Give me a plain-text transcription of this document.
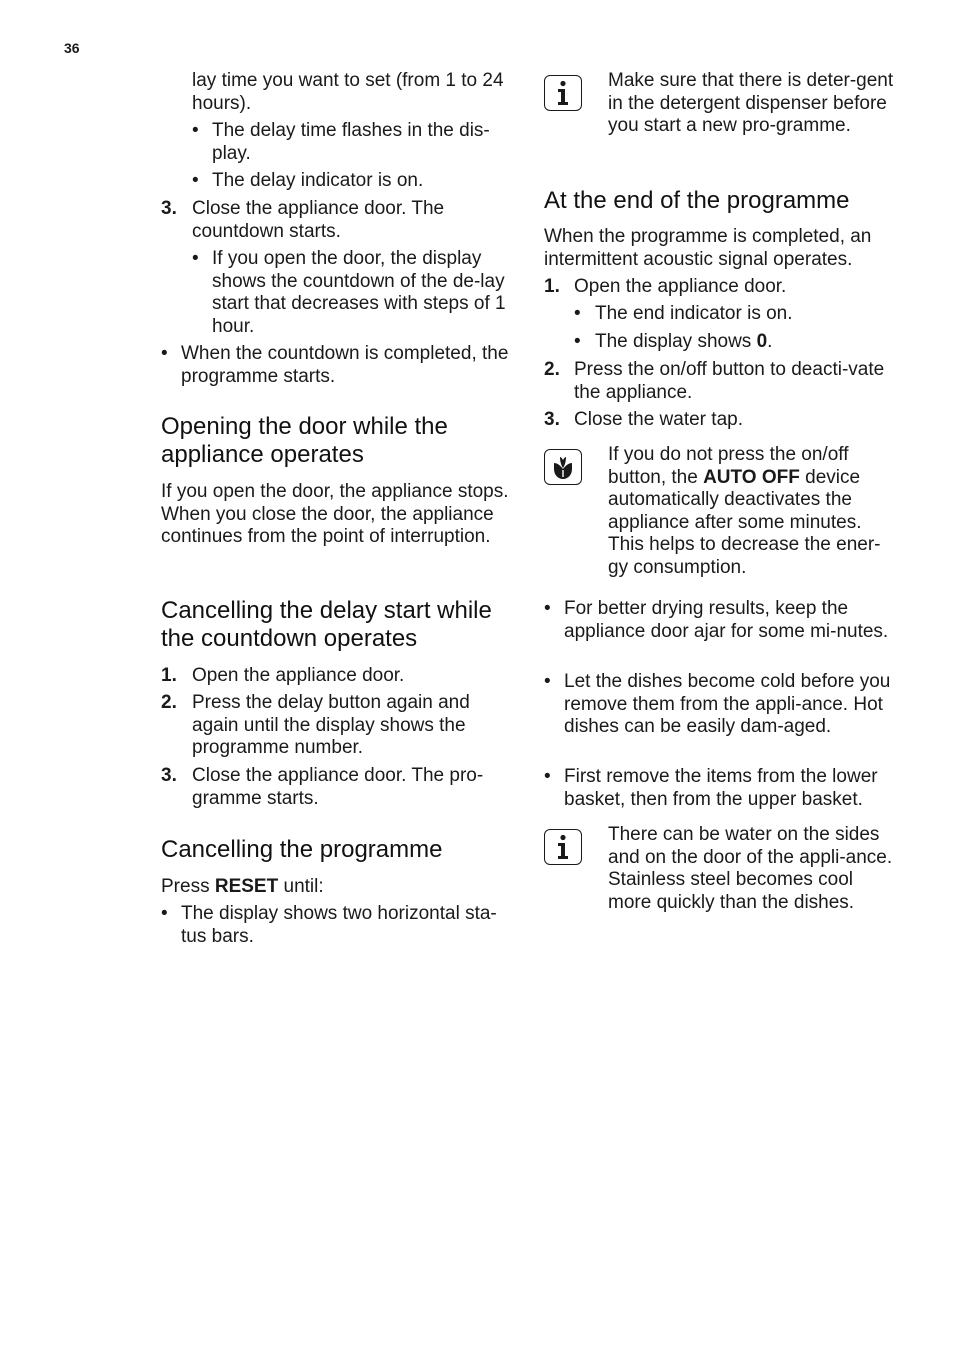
36

lay time you want to set (from 1 to 24 hours).

• The delay time flashes in the dis-play.
• The delay indicator is on.
3. Close the appliance door. The countdown starts.
• If you open the door, the display shows the countdown of the de-lay start that decreases with steps of 1 hour.
• When the countdown is completed, the programme starts.
Opening the door while the appliance operates

If you open the door, the appliance stops. When you close the door, the appliance continues from the point of interruption.

Cancelling the delay start while the countdown operates
1. Open the appliance door.
2. Press the delay button again and again until the display shows the programme number.
3. Close the appliance door. The pro-gramme starts.
Cancelling the programme

Press RESET until:

• The display shows two horizontal sta-tus bars.

Make sure that there is deter-gent in the detergent dispenser before you start a new pro-gramme.

At the end of the programme

When the programme is completed, an intermittent acoustic signal operates.

1. Open the appliance door.
• The end indicator is on.
• The display shows 0.
2. Press the on/off button to deacti-vate the appliance.
3. Close the water tap.

If you do not press the on/off button, the AUTO OFF device automatically deactivates the appliance after some minutes. This helps to decrease the ener-gy consumption.

• For better drying results, keep the appliance door ajar for some mi-nutes.
• Let the dishes become cold before you remove them from the appli-ance. Hot dishes can be easily dam-aged.
• First remove the items from the lower basket, then from the upper basket.

There can be water on the sides and on the door of the appli-ance. Stainless steel becomes cool more quickly than the dishes.
